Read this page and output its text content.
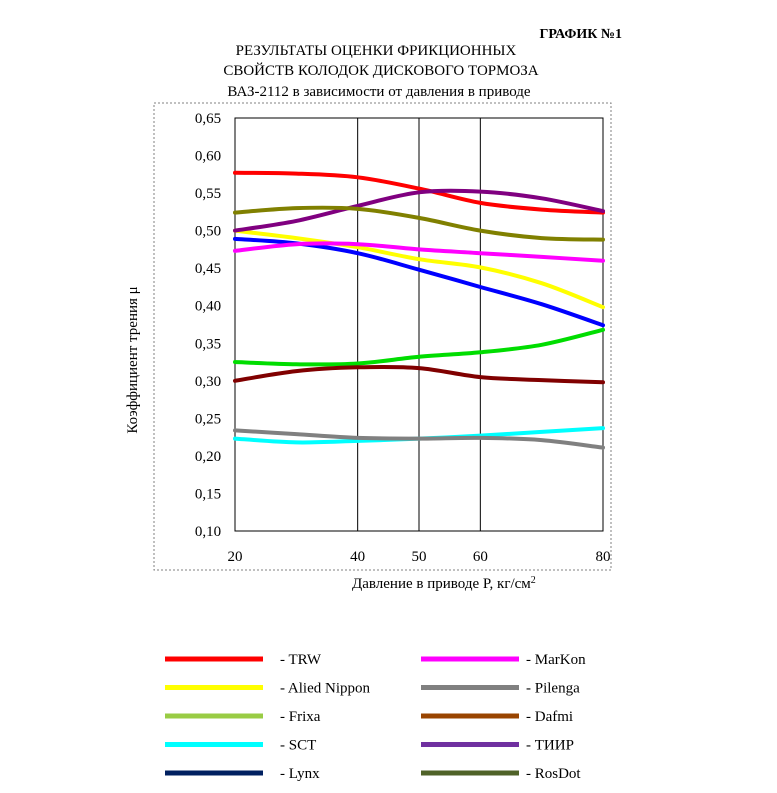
ГРАФИК №1
РЕЗУЛЬТАТЫ ОЦЕНКИ ФРИКЦИОННЫХ
СВОЙСТВ КОЛОДОК ДИСКОВОГО ТОРМОЗА
ВАЗ-2112 в зависимости от давления в приводе
0,10
0,15
0,20
0,25
0,30
0,35
0,40
0,45
0,50
0,55
0,60
0,65
20	40	50	60	80
Коэффициент трения μ
Давление в приводе P, $кг/см^2$
- TRW
- Alied Nippon
- Frixa
- SCT
- Lynx
- MarKon
- Pilenga
- Dafmi
- ТИИР
- RosDot
